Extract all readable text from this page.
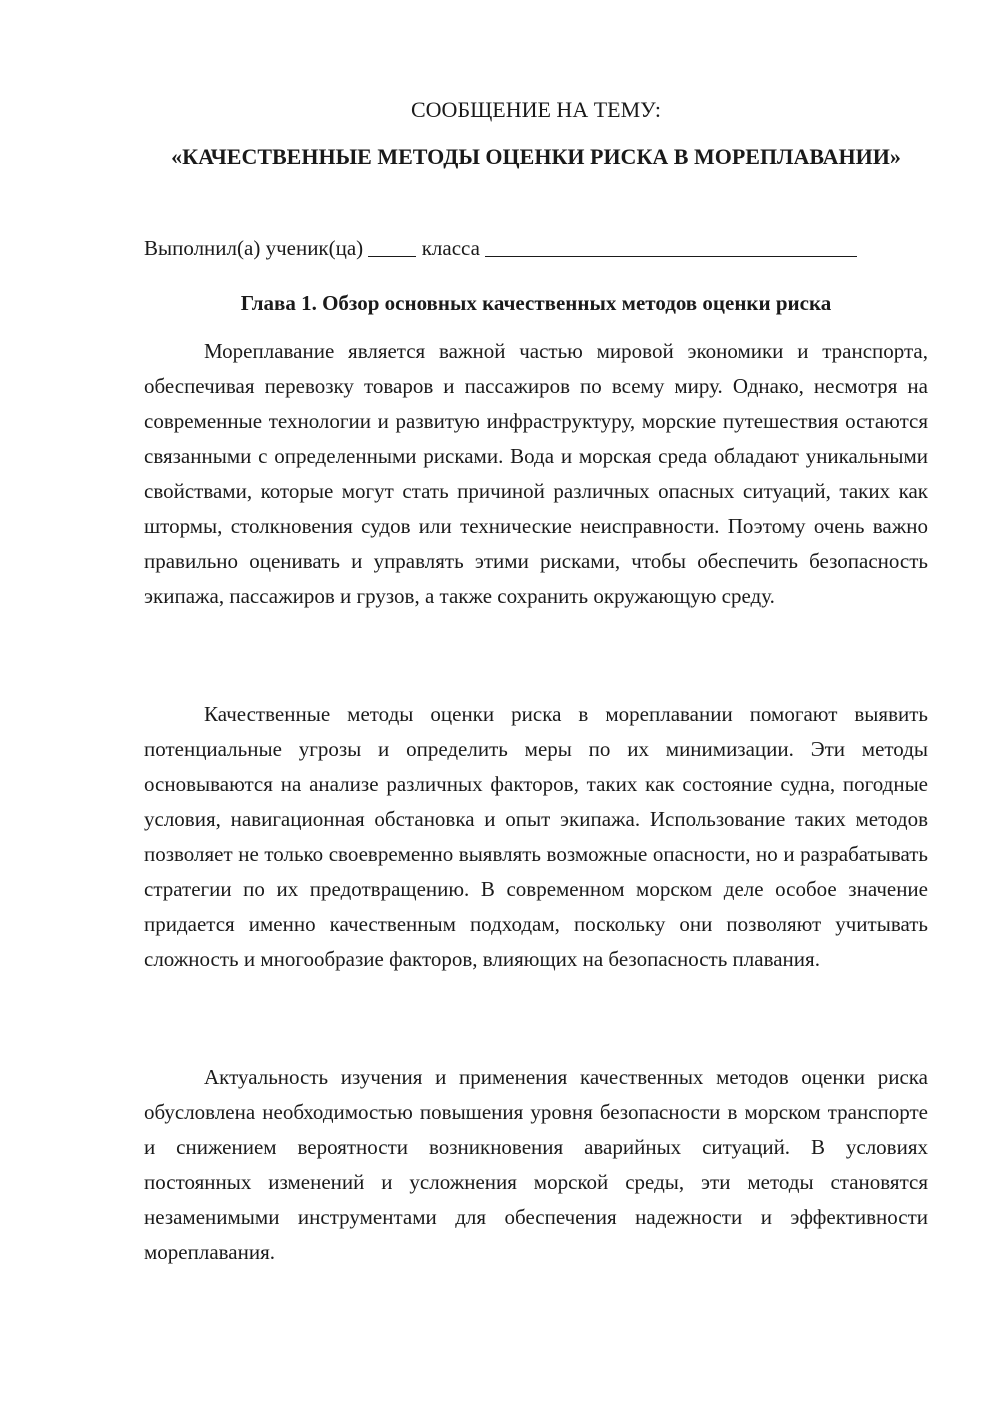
СООБЩЕНИЕ НА ТЕМУ:
«КАЧЕСТВЕННЫЕ МЕТОДЫ ОЦЕНКИ РИСКА В МОРЕПЛАВАНИИ»
Выполнил(а) ученик(ца)	класса
Глава 1. Обзор основных качественных методов оценки риска

Мореплавание является важной частью мировой экономики и транспорта, обеспечивая перевозку товаров и пассажиров по всему миру. Однако, несмотря на современные технологии и развитую инфраструктуру, морские путешествия остаются связанными с определенными рисками. Вода и морская среда обладают уникальными свойствами, которые могут стать причиной различных опасных ситуаций, таких как штормы, столкновения судов или технические неисправности. Поэтому очень важно правильно оценивать и управлять этими рисками, чтобы обеспечить безопасность экипажа, пассажиров и грузов, а также сохранить окружающую среду.

Качественные методы оценки риска в мореплавании помогают выявить потенциальные угрозы и определить меры по их минимизации. Эти методы основываются на анализе различных факторов, таких как состояние судна, погодные условия, навигационная обстановка и опыт экипажа. Использование таких методов позволяет не только своевременно выявлять возможные опасности, но и разрабатывать стратегии по их предотвращению. В современном морском деле особое значение придается именно качественным подходам, поскольку они позволяют учитывать сложность и многообразие факторов, влияющих на безопасность плавания.

Актуальность изучения и применения качественных методов оценки риска обусловлена необходимостью повышения уровня безопасности в морском транспорте и снижением вероятности возникновения аварийных ситуаций. В условиях постоянных изменений и усложнения морской среды, эти методы становятся незаменимыми инструментами для обеспечения надежности и эффективности мореплавания.
